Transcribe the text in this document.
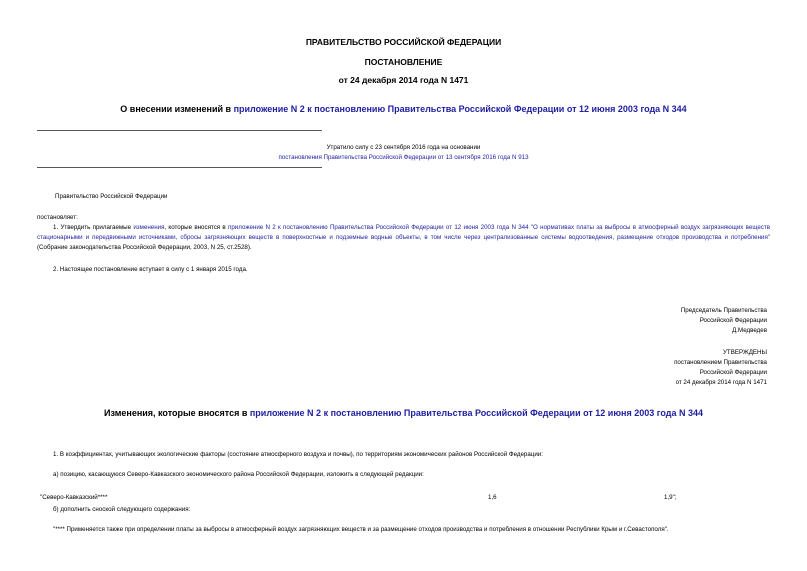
ПРАВИТЕЛЬСТВО РОССИЙСКОЙ ФЕДЕРАЦИИ
ПОСТАНОВЛЕНИЕ
от 24 декабря 2014 года N 1471
О внесении изменений в приложение N 2 к постановлению Правительства Российской Федерации от 12 июня 2003 года N 344
Утратило силу с 23 сентября 2016 года на основании
постановления Правительства Российской Федерации от 13 сентября 2016 года N 913
Правительство Российской Федерации
постановляет:
1. Утвердить прилагаемые изменения, которые вносятся в приложение N 2 к постановлению Правительства Российской Федерации от 12 июня 2003 года N 344 "О нормативах платы за выбросы в атмосферный воздух загрязняющих веществ стационарными и передвижными источниками, сбросы загрязняющих веществ в поверхностные и подземные водные объекты, в том числе через централизованные системы водоотведения, размещение отходов производства и потребления" (Собрание законодательства Российской Федерации, 2003, N 25, ст.2528).
2. Настоящее постановление вступает в силу с 1 января 2015 года.
Председатель Правительства
Российской Федерации
Д.Медведев
УТВЕРЖДЕНЫ
постановлением Правительства
Российской Федерации
от 24 декабря 2014 года N 1471
Изменения, которые вносятся в приложение N 2 к постановлению Правительства Российской Федерации от 12 июня 2003 года N 344
1. В коэффициентах, учитывающих экологические факторы (состояние атмосферного воздуха и почвы), по территориям экономических районов Российской Федерации:
а) позицию, касающуюся Северо-Кавказского экономического района Российской Федерации, изложить в следующей редакции:
"Северо-Кавказский****	1,6	1,9";
б) дополнить сноской следующего содержания:
"**** Применяется также при определении платы за выбросы в атмосферный воздух загрязняющих веществ и за размещение отходов производства и потребления в отношении Республики Крым и г.Севастополя".
